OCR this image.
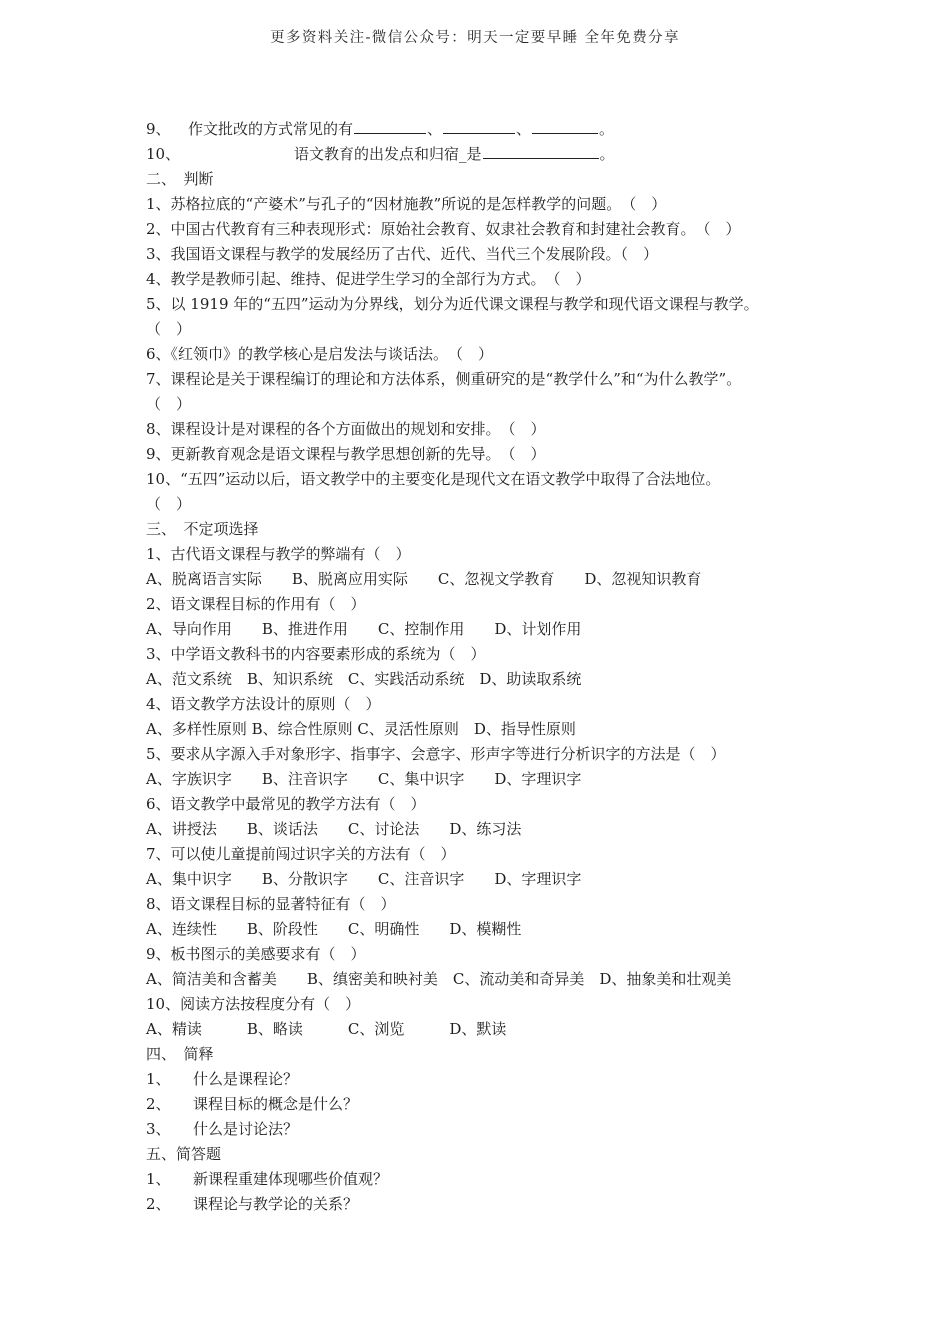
更多资料关注-微信公众号：明天一定要早睡 全年免费分享
9、 作文批改的方式常见的有	、	、	。
10、	语文教育的出发点和归宿_是	。
二、　判断
1、苏格拉底的“产婆术”与孔子的“因材施教”所说的是怎样教学的问题。　（　）
2、中国古代教育有三种表现形式：原始社会教育、奴隶社会教育和封建社会教育。　（　）
3、我国语文课程与教学的发展经历了古代、近代、当代三个发展阶段。（　）
4、教学是教师引起、维持、促进学生学习的全部行为方式。　（　）
5、以 1919 年的“五四”运动为分界线，划分为近代课文课程与教学和现代语文课程与教学。
（　）
6、《红领巾》的教学核心是启发法与谈话法。　（　）
7、课程论是关于课程编订的理论和方法体系，侧重研究的是“教学什么”和“为什么教学”。
（　）
8、课程设计是对课程的各个方面做出的规划和安排。　（　）
9、更新教育观念是语文课程与教学思想创新的先导。　（　）
10、“五四”运动以后，语文教学中的主要变化是现代文在语文教学中取得了合法地位。
（　）
三、　不定项选择
1、古代语文课程与教学的弊端有（　）
A、脱离语言实际　　B、脱离应用实际　　C、忽视文学教育　　D、忽视知识教育
2、语文课程目标的作用有（　）
A、导向作用　　B、推进作用　　C、控制作用　　D、计划作用
3、中学语文教科书的内容要素形成的系统为（　）
A、范文系统　B、知识系统　C、实践活动系统　D、助读取系统
4、语文教学方法设计的原则（　）
A、多样性原则 B、综合性原则 C、灵活性原则　D、指导性原则
5、要求从字源入手对象形字、指事字、会意字、形声字等进行分析识字的方法是（　）
A、字族识字　　B、注音识字　　C、集中识字　　D、字理识字
6、语文教学中最常见的教学方法有（　）
A、讲授法　　B、谈话法　　C、讨论法　　D、练习法
7、可以使儿童提前闯过识字关的方法有（　）
A、集中识字　　B、分散识字　　C、注音识字　　D、字理识字
8、语文课程目标的显著特征有（　）
A、连续性　　B、阶段性　　C、明确性　　D、模糊性
9、板书图示的美感要求有（　）
A、简洁美和含蓄美　　B、缜密美和映衬美　C、流动美和奇异美　D、抽象美和壮观美
10、阅读方法按程度分有（　）
A、精读　　　B、略读　　　C、浏览　　　D、默读
四、　简释
1、　　什么是课程论？
2、　　课程目标的概念是什么？
3、　　什么是讨论法？
五、简答题
1、　　新课程重建体现哪些价值观？
2、　　课程论与教学论的关系？
